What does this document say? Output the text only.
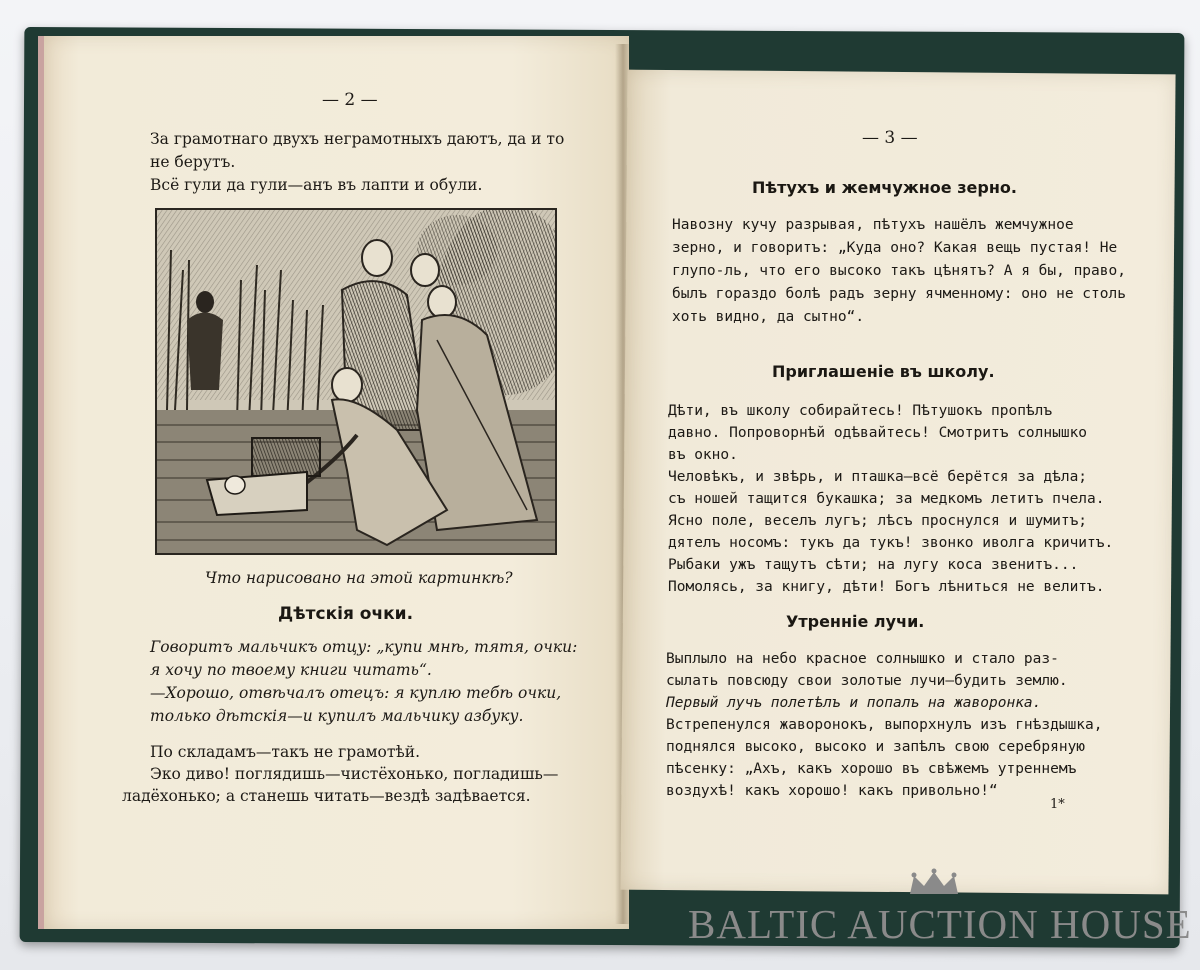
— 2 —
За грамотнаго двухъ неграмотныхъ даютъ, да и то
не берутъ.
Всё гули да гули—анъ въ лапти и обули.
Что нарисовано на этой картинкѣ?
Дѣтскія очки.
Говоритъ мальчикъ отцу: „купи мнѣ, тятя, очки:
я хочу по твоему книги читать“.
—Хорошо, отвѣчалъ отецъ: я куплю тебѣ очки,
только дѣтскія—и купилъ мальчику азбуку.
По складамъ—такъ не грамотѣй.
Эко диво! поглядишь—чистёхонько, погладишь—
ладёхонько; а станешь читать—вездѣ задѣвается.
— 3 —
Пѣтухъ и жемчужное зерно.
Навозну кучу разрывая, пѣтухъ нашёлъ жемчужное
зерно, и говоритъ: „Куда оно? Какая вещь пустая! Не
глупо-ль, что его высоко такъ цѣнятъ? А я бы, право,
былъ гораздо болѣ радъ зерну ячменному: оно не столь
хоть видно, да сытно“.
Приглашеніе въ школу.
Дѣти, въ школу собирайтесь! Пѣтушокъ пропѣлъ
давно. Попроворнѣй одѣвайтесь! Смотритъ солнышко
въ окно.
Человѣкъ, и звѣрь, и пташка—всё берётся за дѣла;
съ ношей тащится букашка; за медкомъ летитъ пчела.
Ясно поле, веселъ лугъ; лѣсъ проснулся и шумитъ;
дятелъ носомъ: тукъ да тукъ! звонко иволга кричитъ.
Рыбаки ужъ тащутъ сѣти; на лугу коса звенитъ...
Помолясь, за книгу, дѣти! Богъ лѣниться не велитъ.
Утренніе лучи.
Выплыло на небо красное солнышко и стало раз-
сылать повсюду свои золотые лучи—будить землю.
Первый лучъ полетѣлъ и попалъ на жаворонка.
Встрепенулся жаворонокъ, выпорхнулъ изъ гнѣздышка,
поднялся высоко, высоко и запѣлъ свою серебряную
пѣсенку: „Ахъ, какъ хорошо въ свѣжемъ утреннемъ
воздухѣ! какъ хорошо! какъ привольно!“
1*
BALTIC AUCTION HOUSE
